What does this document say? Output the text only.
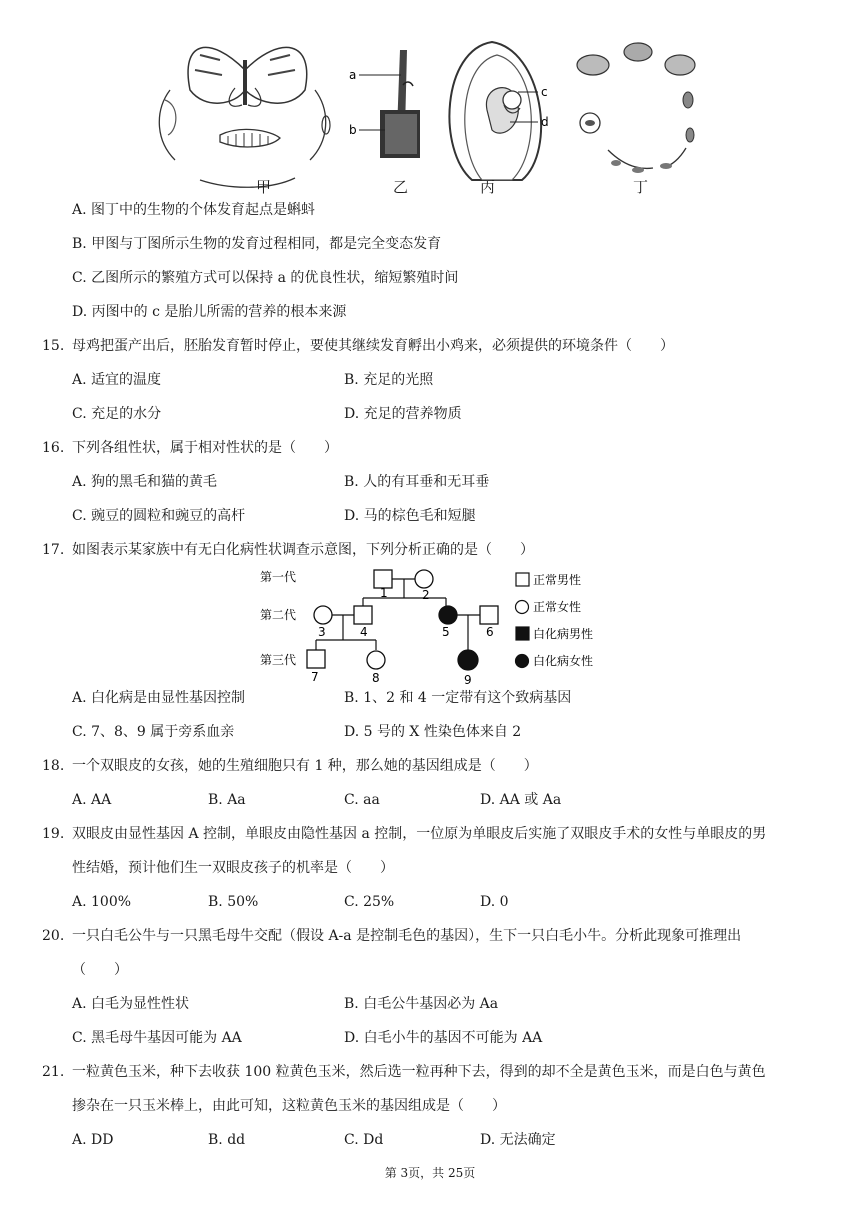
a
b
c
d
甲	乙	丙	丁
A. 图丁中的生物的个体发育起点是蝌蚪
B. 甲图与丁图所示生物的发育过程相同，都是完全变态发育
C. 乙图所示的繁殖方式可以保持 a 的优良性状，缩短繁殖时间
D. 丙图中的 c 是胎儿所需的营养的根本来源
15. 母鸡把蛋产出后，胚胎发育暂时停止，要使其继续发育孵出小鸡来，必须提供的环境条件（　　）
A. 适宜的温度	B. 充足的光照
C. 充足的水分	D. 充足的营养物质
16. 下列各组性状，属于相对性状的是（　　）
A. 狗的黑毛和猫的黄毛	B. 人的有耳垂和无耳垂
C. 豌豆的圆粒和豌豆的高杆	D. 马的棕色毛和短腿
17. 如图表示某家族中有无白化病性状调查示意图，下列分析正确的是（　　）
第一代
第二代
第三代
1	2
3	4	5	6
7	8	9
正常男性
正常女性
白化病男性
白化病女性
A. 白化病是由显性基因控制	B. 1、2 和 4 一定带有这个致病基因
C. 7、8、9 属于旁系血亲	D. 5 号的 X 性染色体来自 2
18. 一个双眼皮的女孩，她的生殖细胞只有 1 种，那么她的基因组成是（　　）
A. AA	B. Aa	C. aa	D. AA 或 Aa
19. 双眼皮由显性基因 A 控制，单眼皮由隐性基因 a 控制，一位原为单眼皮后实施了双眼皮手术的女性与单眼皮的男
性结婚，预计他们生一双眼皮孩子的机率是（　　）
A. 100%	B. 50%	C. 25%	D. 0
20. 一只白毛公牛与一只黑毛母牛交配（假设 A-a 是控制毛色的基因），生下一只白毛小牛。分析此现象可推理出
（　　）
A. 白毛为显性性状	B. 白毛公牛基因必为 Aa
C. 黑毛母牛基因可能为 AA	D. 白毛小牛的基因不可能为 AA
21. 一粒黄色玉米，种下去收获 100 粒黄色玉米，然后选一粒再种下去，得到的却不全是黄色玉米，而是白色与黄色
掺杂在一只玉米棒上，由此可知，这粒黄色玉米的基因组成是（　　）
A. DD	B. dd	C. Dd	D. 无法确定
第 3页，共 25页
